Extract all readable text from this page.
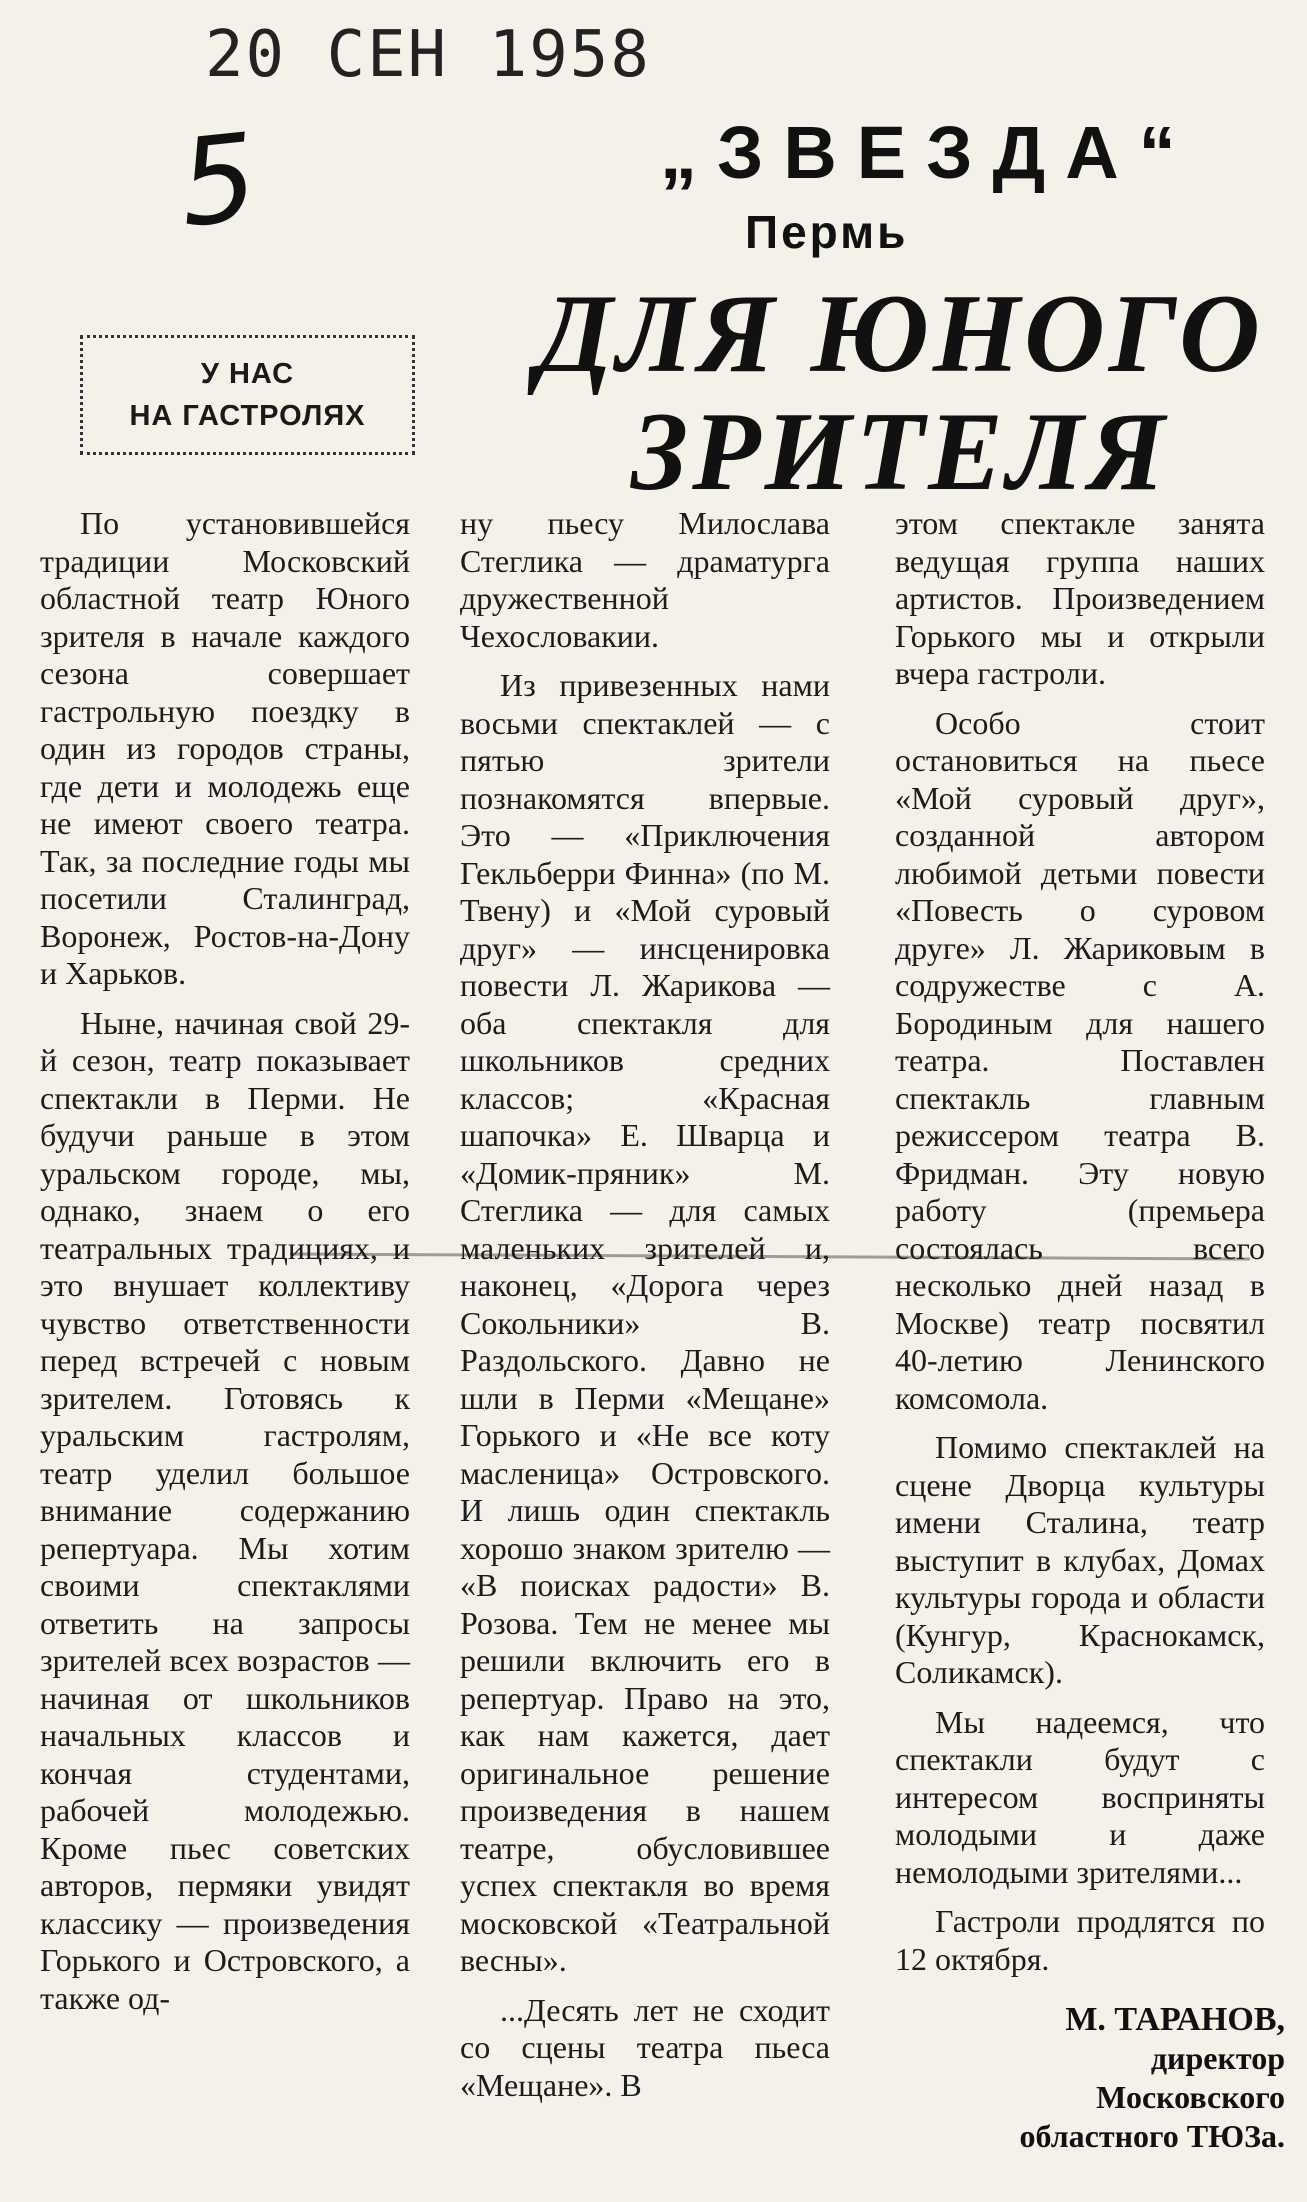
20 СЕН 1958
5	„ЗВЕЗДА“
Пермь
У НАС
НА ГАСТРОЛЯХ
ДЛЯ ЮНОГО
ЗРИТЕЛЯ

По установившейся традиции Московский областной театр Юного зрителя в начале каждого сезона совершает гастрольную поездку в один из городов страны, где дети и молодежь еще не имеют своего театра. Так, за последние годы мы посетили Сталинград, Воронеж, Ростов-на-Дону и Харьков.

Ныне, начиная свой 29-й сезон, театр показывает спектакли в Перми. Не будучи раньше в этом уральском городе, мы, однако, знаем о его театральных традициях, и это внушает коллективу чувство ответственности перед встречей с новым зрителем. Готовясь к уральским гастролям, театр уделил большое внимание содержанию репертуара. Мы хотим своими спектаклями ответить на запросы зрителей всех возрастов — начиная от школьников начальных классов и кончая студентами, рабочей молодежью. Кроме пьес советских авторов, пермяки увидят классику — произведения Горького и Островского, а также од-

ну пьесу Милослава Стеглика — драматурга дружественной Чехословакии.

Из привезенных нами восьми спектаклей — с пятью зрители познакомятся впервые. Это — «Приключения Гекльберри Финна» (по М. Твену) и «Мой суровый друг» — инсценировка повести Л. Жарикова — оба спектакля для школьников средних классов; «Красная шапочка» Е. Шварца и «Домик-пряник» М. Стеглика — для самых маленьких зрителей и, наконец, «Дорога через Сокольники» В. Раздольского. Давно не шли в Перми «Мещане» Горького и «Не все коту масленица» Островского. И лишь один спектакль хорошо знаком зрителю — «В поисках радости» В. Розова. Тем не менее мы решили включить его в репертуар. Право на это, как нам кажется, дает оригинальное решение произведения в нашем театре, обусловившее успех спектакля во время московской «Театральной весны».

...Десять лет не сходит со сцены театра пьеса «Мещане». В

этом спектакле занята ведущая группа наших артистов. Произведением Горького мы и открыли вчера гастроли.

Особо стоит остановиться на пьесе «Мой суровый друг», созданной автором любимой детьми повести «Повесть о суровом друге» Л. Жариковым в содружестве с А. Бородиным для нашего театра. Поставлен спектакль главным режиссером театра В. Фридман. Эту новую работу (премьера состоялась всего несколько дней назад в Москве) театр посвятил 40-летию Ленинского комсомола.

Помимо спектаклей на сцене Дворца культуры имени Сталина, театр выступит в клубах, Домах культуры города и области (Кунгур, Краснокамск, Соликамск).

Мы надеемся, что спектакли будут с интересом восприняты молодыми и даже немолодыми зрителями...

Гастроли продлятся по 12 октября.

М. ТАРАНОВ,
директор
Московского
областного ТЮЗа.
